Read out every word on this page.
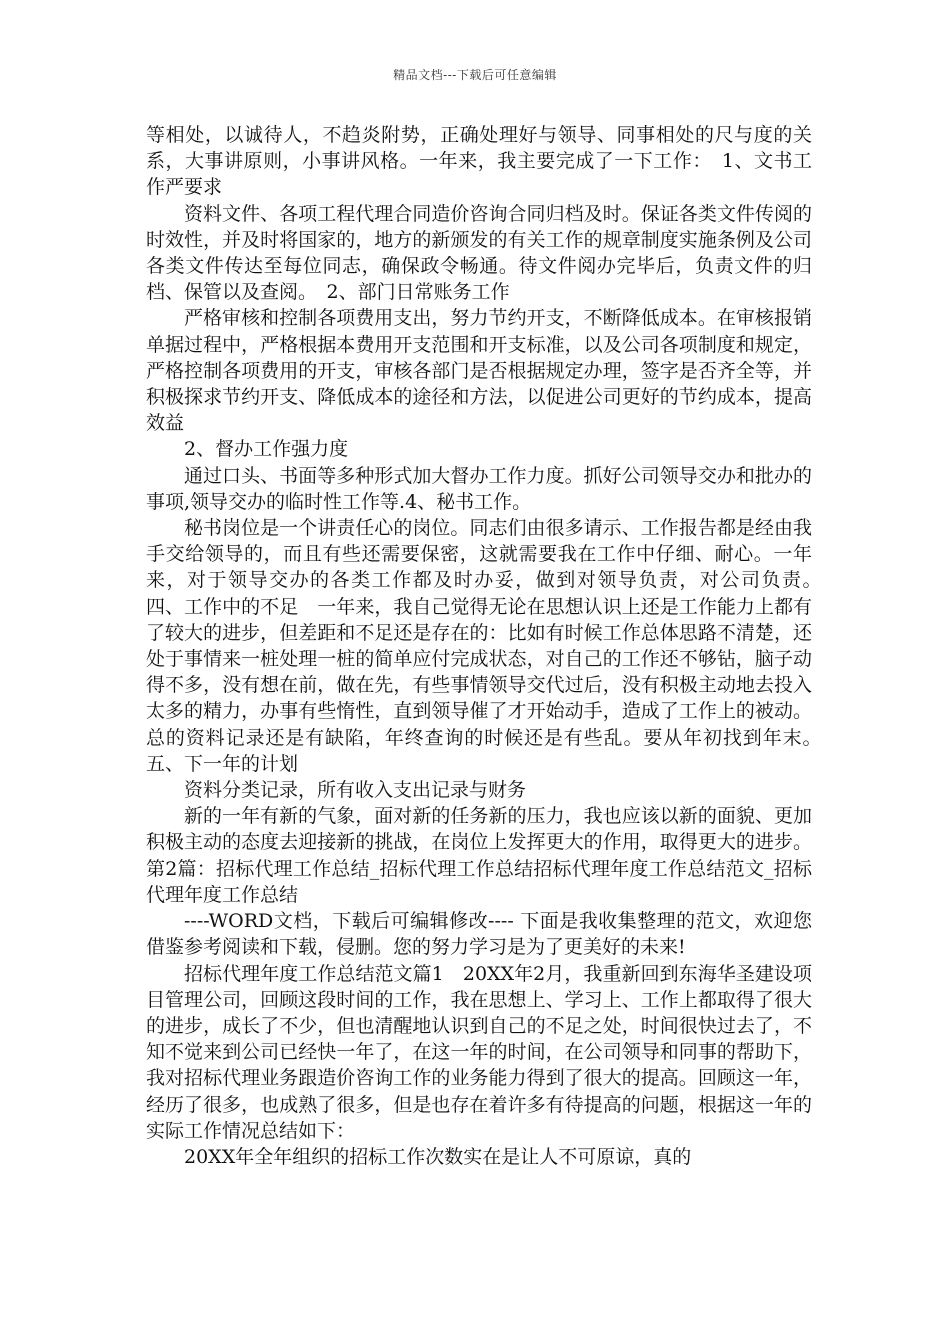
精品文档---下载后可任意编辑

等相处，以诚待人，不趋炎附势，正确处理好与领导、同事相处的尺与度的关系，大事讲原则，小事讲风格。一年来，我主要完成了一下工作：　1、文书工作严要求

资料文件、各项工程代理合同造价咨询合同归档及时。保证各类文件传阅的时效性，并及时将国家的，地方的新颁发的有关工作的规章制度实施条例及公司各类文件传达至每位同志，确保政令畅通。待文件阅办完毕后，负责文件的归档、保管以及查阅。　2、部门日常账务工作

严格审核和控制各项费用支出，努力节约开支，不断降低成本。在审核报销单据过程中，严格根据本费用开支范围和开支标准，以及公司各项制度和规定，严格控制各项费用的开支，审核各部门是否根据规定办理，签字是否齐全等，并积极探求节约开支、降低成本的途径和方法，以促进公司更好的节约成本，提高效益

2、督办工作强力度

通过口头、书面等多种形式加大督办工作力度。抓好公司领导交办和批办的事项,领导交办的临时性工作等.4、秘书工作。

秘书岗位是一个讲责任心的岗位。同志们由很多请示、工作报告都是经由我手交给领导的，而且有些还需要保密，这就需要我在工作中仔细、耐心。一年来，对于领导交办的各类工作都及时办妥，做到对领导负责，对公司负责。　四、工作中的不足　一年来，我自己觉得无论在思想认识上还是工作能力上都有了较大的进步，但差距和不足还是存在的：比如有时候工作总体思路不清楚，还处于事情来一桩处理一桩的简单应付完成状态，对自己的工作还不够钻，脑子动得不多，没有想在前，做在先，有些事情领导交代过后，没有积极主动地去投入太多的精力，办事有些惰性，直到领导催了才开始动手，造成了工作上的被动。总的资料记录还是有缺陷，年终查询的时候还是有些乱。要从年初找到年末。　五、下一年的计划

资料分类记录，所有收入支出记录与财务

新的一年有新的气象，面对新的任务新的压力，我也应该以新的面貌、更加积极主动的态度去迎接新的挑战，在岗位上发挥更大的作用，取得更大的进步。第2篇：招标代理工作总结_招标代理工作总结招标代理年度工作总结范文_招标代理年度工作总结

----WORD文档，下载后可编辑修改---- 下面是我收集整理的范文，欢迎您借鉴参考阅读和下载，侵删。您的努力学习是为了更美好的未来!

招标代理年度工作总结范文篇1　20XX年2月，我重新回到东海华圣建设项目管理公司，回顾这段时间的工作，我在思想上、学习上、工作上都取得了很大的进步，成长了不少，但也清醒地认识到自己的不足之处，时间很快过去了，不知不觉来到公司已经快一年了，在这一年的时间，在公司领导和同事的帮助下，我对招标代理业务跟造价咨询工作的业务能力得到了很大的提高。回顾这一年，经历了很多，也成熟了很多，但是也存在着许多有待提高的问题，根据这一年的实际工作情况总结如下：

20XX年全年组织的招标工作次数实在是让人不可原谅，真的
